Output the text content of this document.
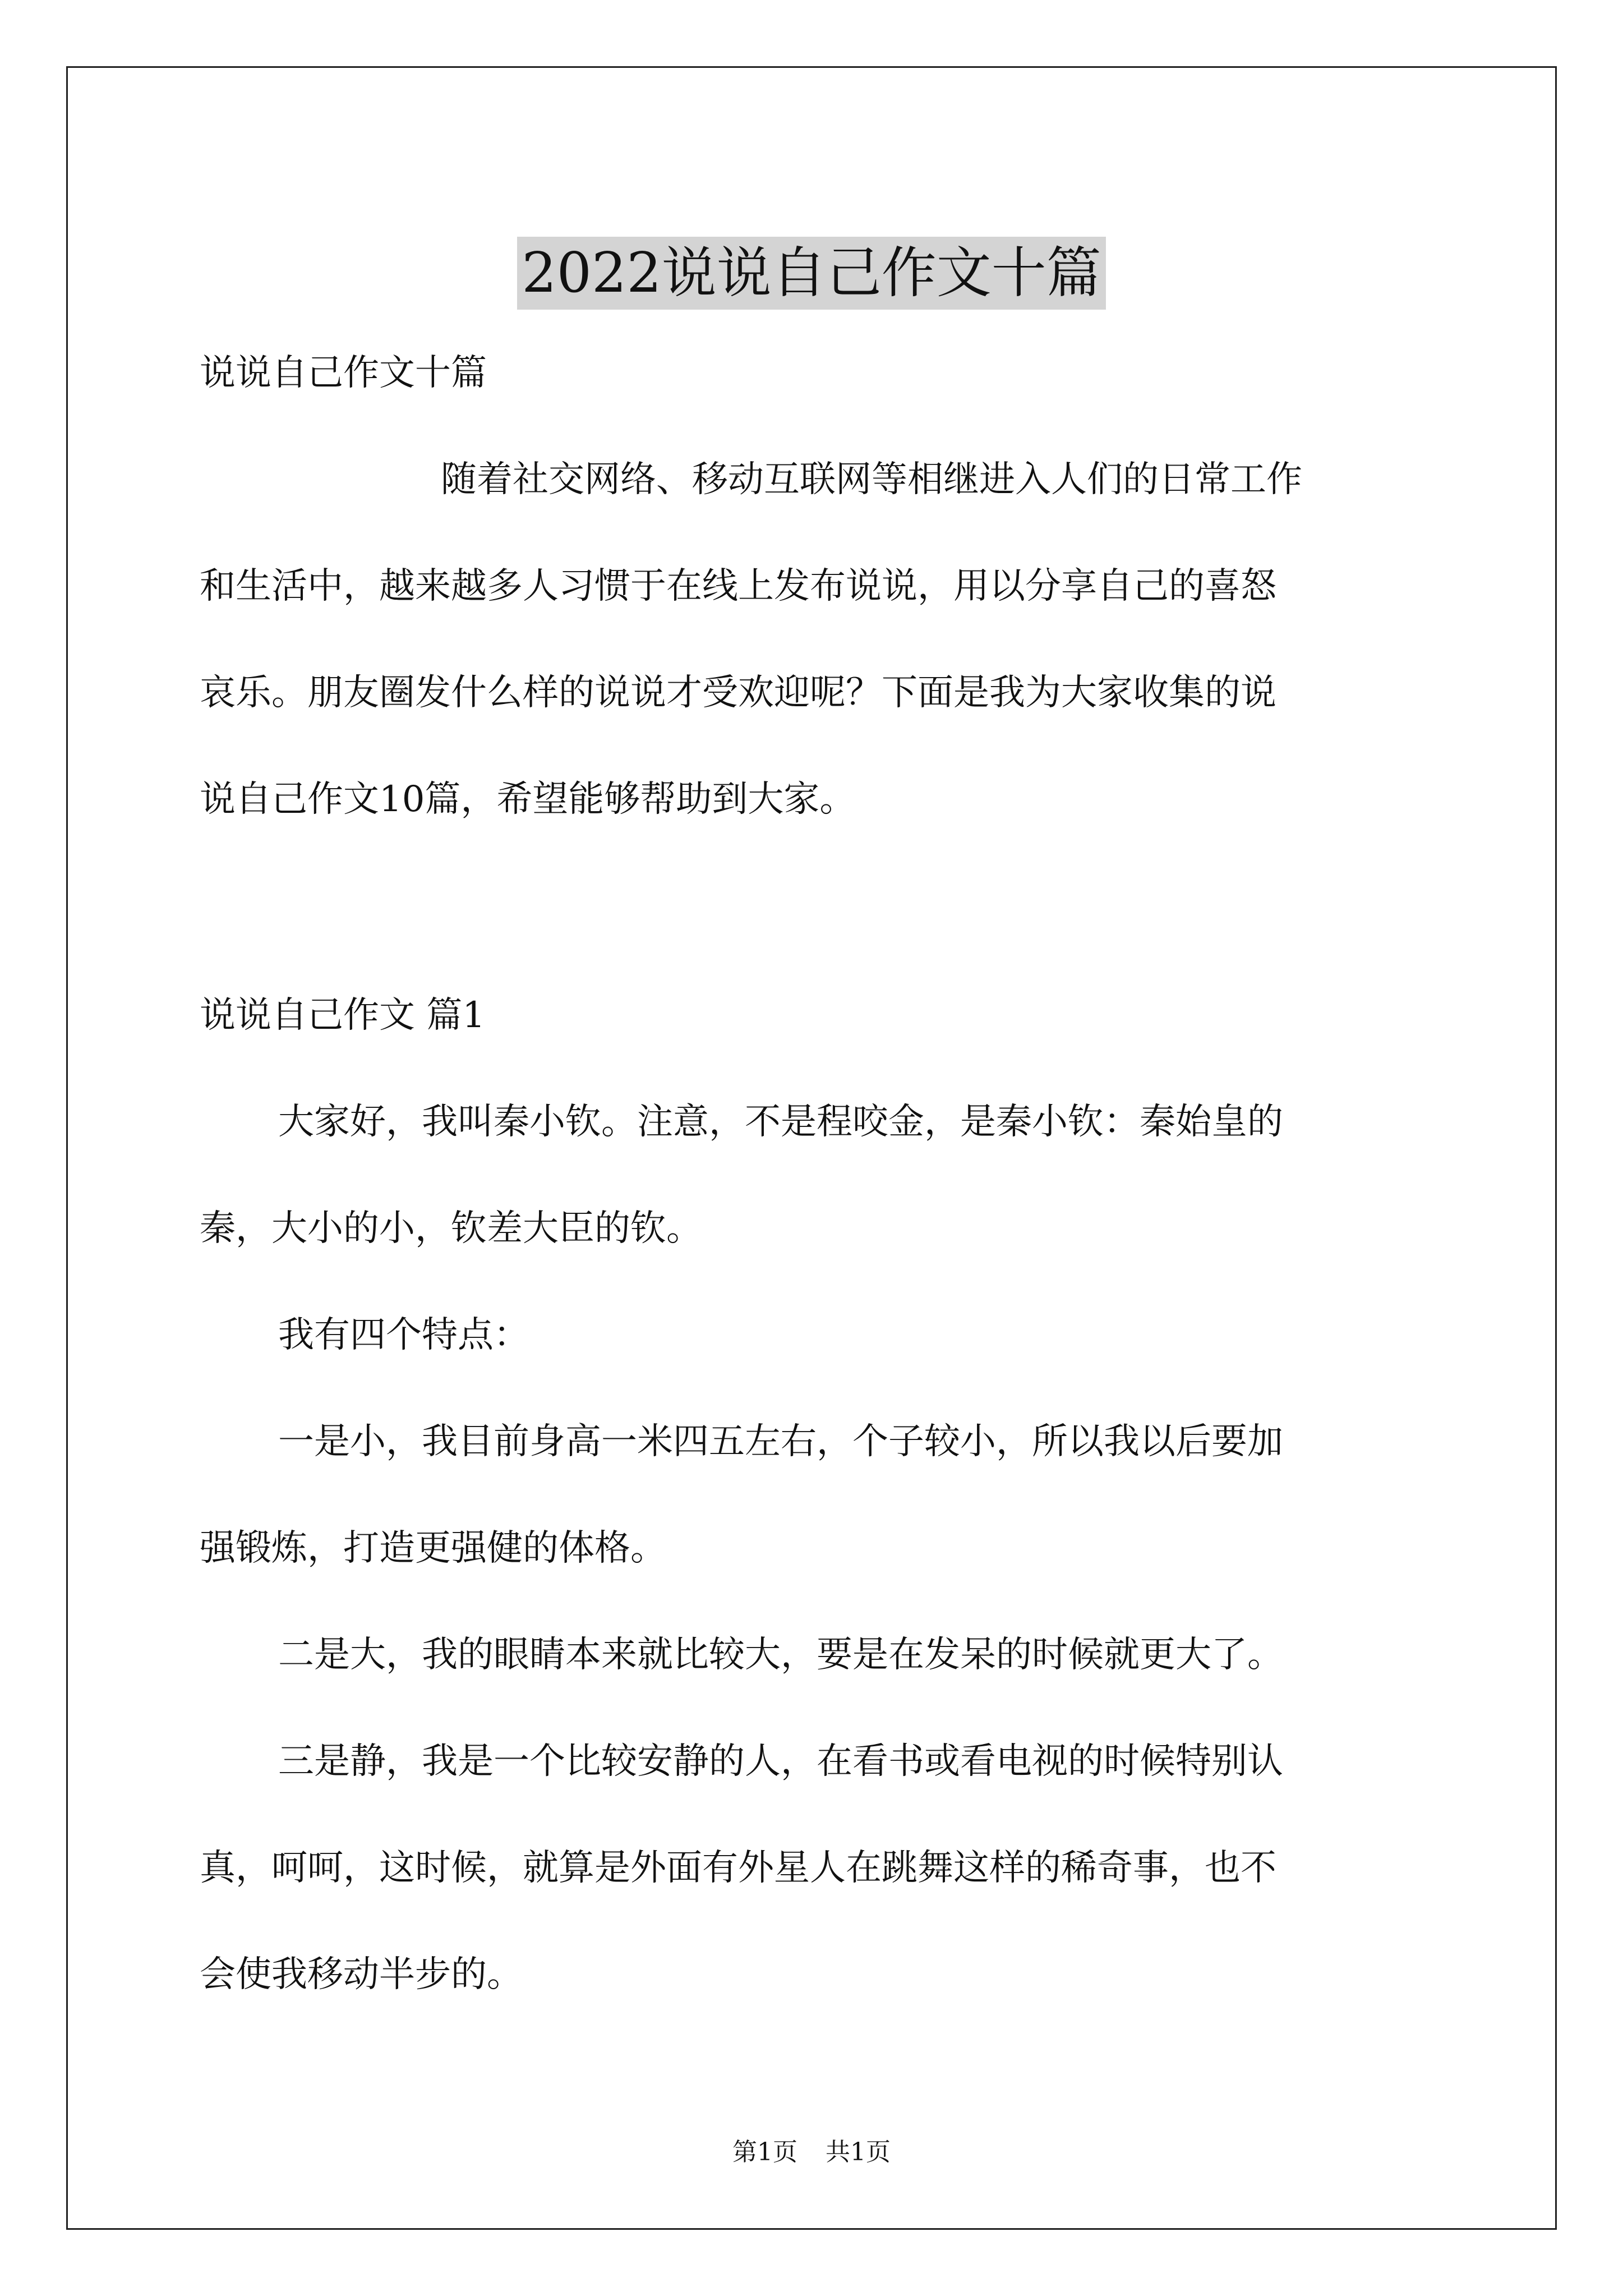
2022说说自己作文十篇

说说自己作文十篇

随着社交网络、移动互联网等相继进入人们的日常工作

和生活中，越来越多人习惯于在线上发布说说，用以分享自己的喜怒

哀乐。朋友圈发什么样的说说才受欢迎呢？下面是我为大家收集的说

说自己作文10篇，希望能够帮助到大家。

说说自己作文 篇1

大家好，我叫秦小钦。注意，不是程咬金，是秦小钦：秦始皇的

秦，大小的小，钦差大臣的钦。

我有四个特点：

一是小，我目前身高一米四五左右，个子较小，所以我以后要加

强锻炼，打造更强健的体格。

二是大，我的眼睛本来就比较大，要是在发呆的时候就更大了。

三是静，我是一个比较安静的人，在看书或看电视的时候特别认

真，呵呵，这时候，就算是外面有外星人在跳舞这样的稀奇事，也不

会使我移动半步的。

第1页 共1页
